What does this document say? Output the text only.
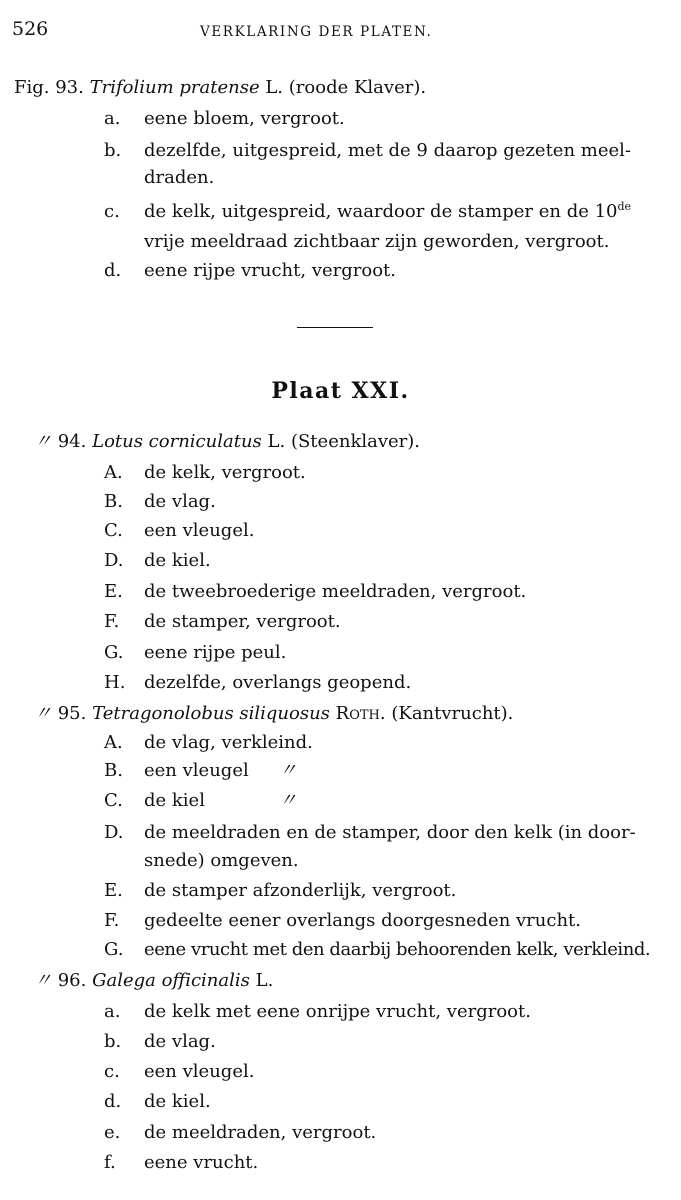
526	VERKLARING DER PLATEN.
Fig. 93. Trifolium pratense L. (roode Klaver).
a. eene bloem, vergroot.
b. dezelfde, uitgespreid, met de 9 daarop gezeten meel-
draden.
c. de kelk, uitgespreid, waardoor de stamper en de 10de
vrije meeldraad zichtbaar zijn geworden, vergroot.
d. eene rijpe vrucht, vergroot.
Plaat XXI.
〃 94. Lotus corniculatus L. (Steenklaver).
A. de kelk, vergroot.
B. de vlag.
C. een vleugel.
D. de kiel.
E. de tweebroederige meeldraden, vergroot.
F. de stamper, vergroot.
G. eene rijpe peul.
H. dezelfde, overlangs geopend.
〃 95. Tetragonolobus siliquosus Roth. (Kantvrucht).
A. de vlag, verkleind.
B. een vleugel 〃
C. de kiel	〃
D. de meeldraden en de stamper, door den kelk (in door-
snede) omgeven.
E. de stamper afzonderlijk, vergroot.
F. gedeelte eener overlangs doorgesneden vrucht.
G. eene vrucht met den daarbij behoorenden kelk, verkleind.
〃 96. Galega officinalis L.
a. de kelk met eene onrijpe vrucht, vergroot.
b. de vlag.
c. een vleugel.
d. de kiel.
e. de meeldraden, vergroot.
f. eene vrucht.
